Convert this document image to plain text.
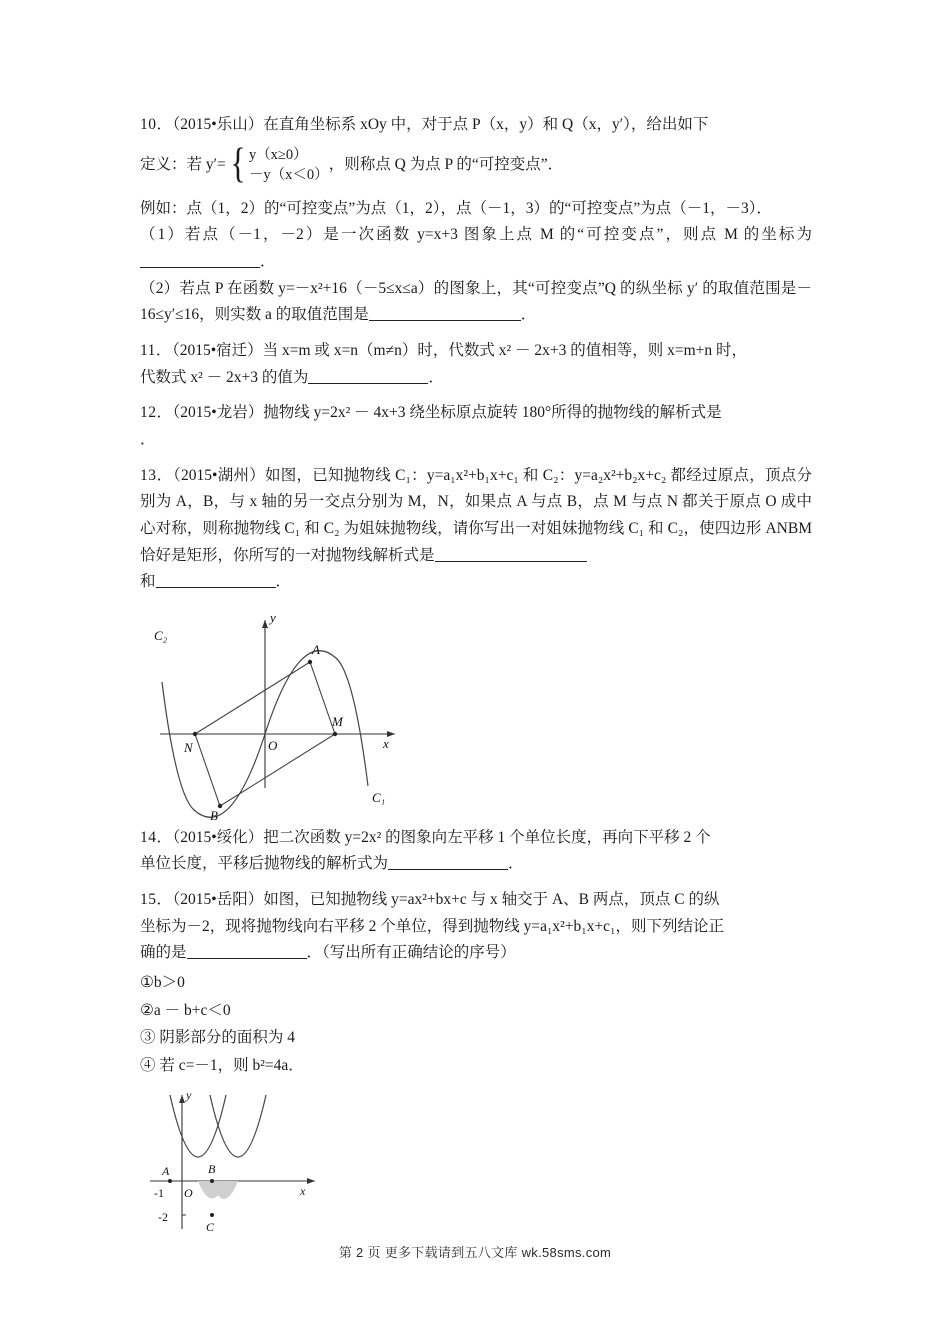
10．（2015•乐山）在直角坐标系 xOy 中，对于点 P（x，y）和 Q（x，y′），给出如下
定义：若 y′= { y（x≥0）
－y（x＜0）
，则称点 Q 为点 P 的“可控变点”．
例如：点（1，2）的“可控变点”为点（1，2），点（－1，3）的“可控变点”为点（－1，－3）．
（1）若点（－1，－2）是一次函数 y=x+3 图象上点 M 的“可控变点”，则点 M 的坐标为．
（2）若点 P 在函数 y=－x²+16（－5≤x≤a）的图象上，其“可控变点”Q 的纵坐标 y′ 的取值范围是－16≤y′≤16，则实数 a 的取值范围是	．
11．（2015•宿迁）当 x=m 或 x=n（m≠n）时，代数式 x² － 2x+3 的值相等，则 x=m+n 时，
代数式 x² － 2x+3 的值为	．
12．（2015•龙岩）抛物线 y=2x² － 4x+3 绕坐标原点旋转 180°所得的抛物线的解析式是
．
13．（2015•湖州）如图，已知抛物线 C₁：y=a₁x²+b₁x+c₁ 和 C₂：y=a₂x²+b₂x+c₂ 都经过原点，顶点分别为 A，B，与 x 轴的另一交点分别为 M，N，如果点 A 与点 B，点 M 与点 N 都关于原点 O 成中心对称，则称抛物线 C₁ 和 C₂ 为姐妹抛物线，请你写出一对姐妹抛物线 C₁ 和 C₂，使四边形 ANBM 恰好是矩形，你所写的一对抛物线解析式是
和	．
C₂
y
A
N	O
M
x
B
C₁
14．（2015•绥化）把二次函数 y=2x² 的图象向左平移 1 个单位长度，再向下平移 2 个
单位长度，平移后抛物线的解析式为	．
15．（2015•岳阳）如图，已知抛物线 y=ax²+bx+c 与 x 轴交于 A、B 两点，顶点 C 的纵
坐标为－2，现将抛物线向右平移 2 个单位，得到抛物线 y=a₁x²+b₁x+c₁，则下列结论正
确的是	．（写出所有正确结论的序号）
①b＞0
②a － b+c＜0
③ 阴影部分的面积为 4
④ 若 c=－1，则 b²=4a．
y
A	B
-1 O	x
-2
C
第 2 页 更多下载请到五八文库 wk.58sms.com
